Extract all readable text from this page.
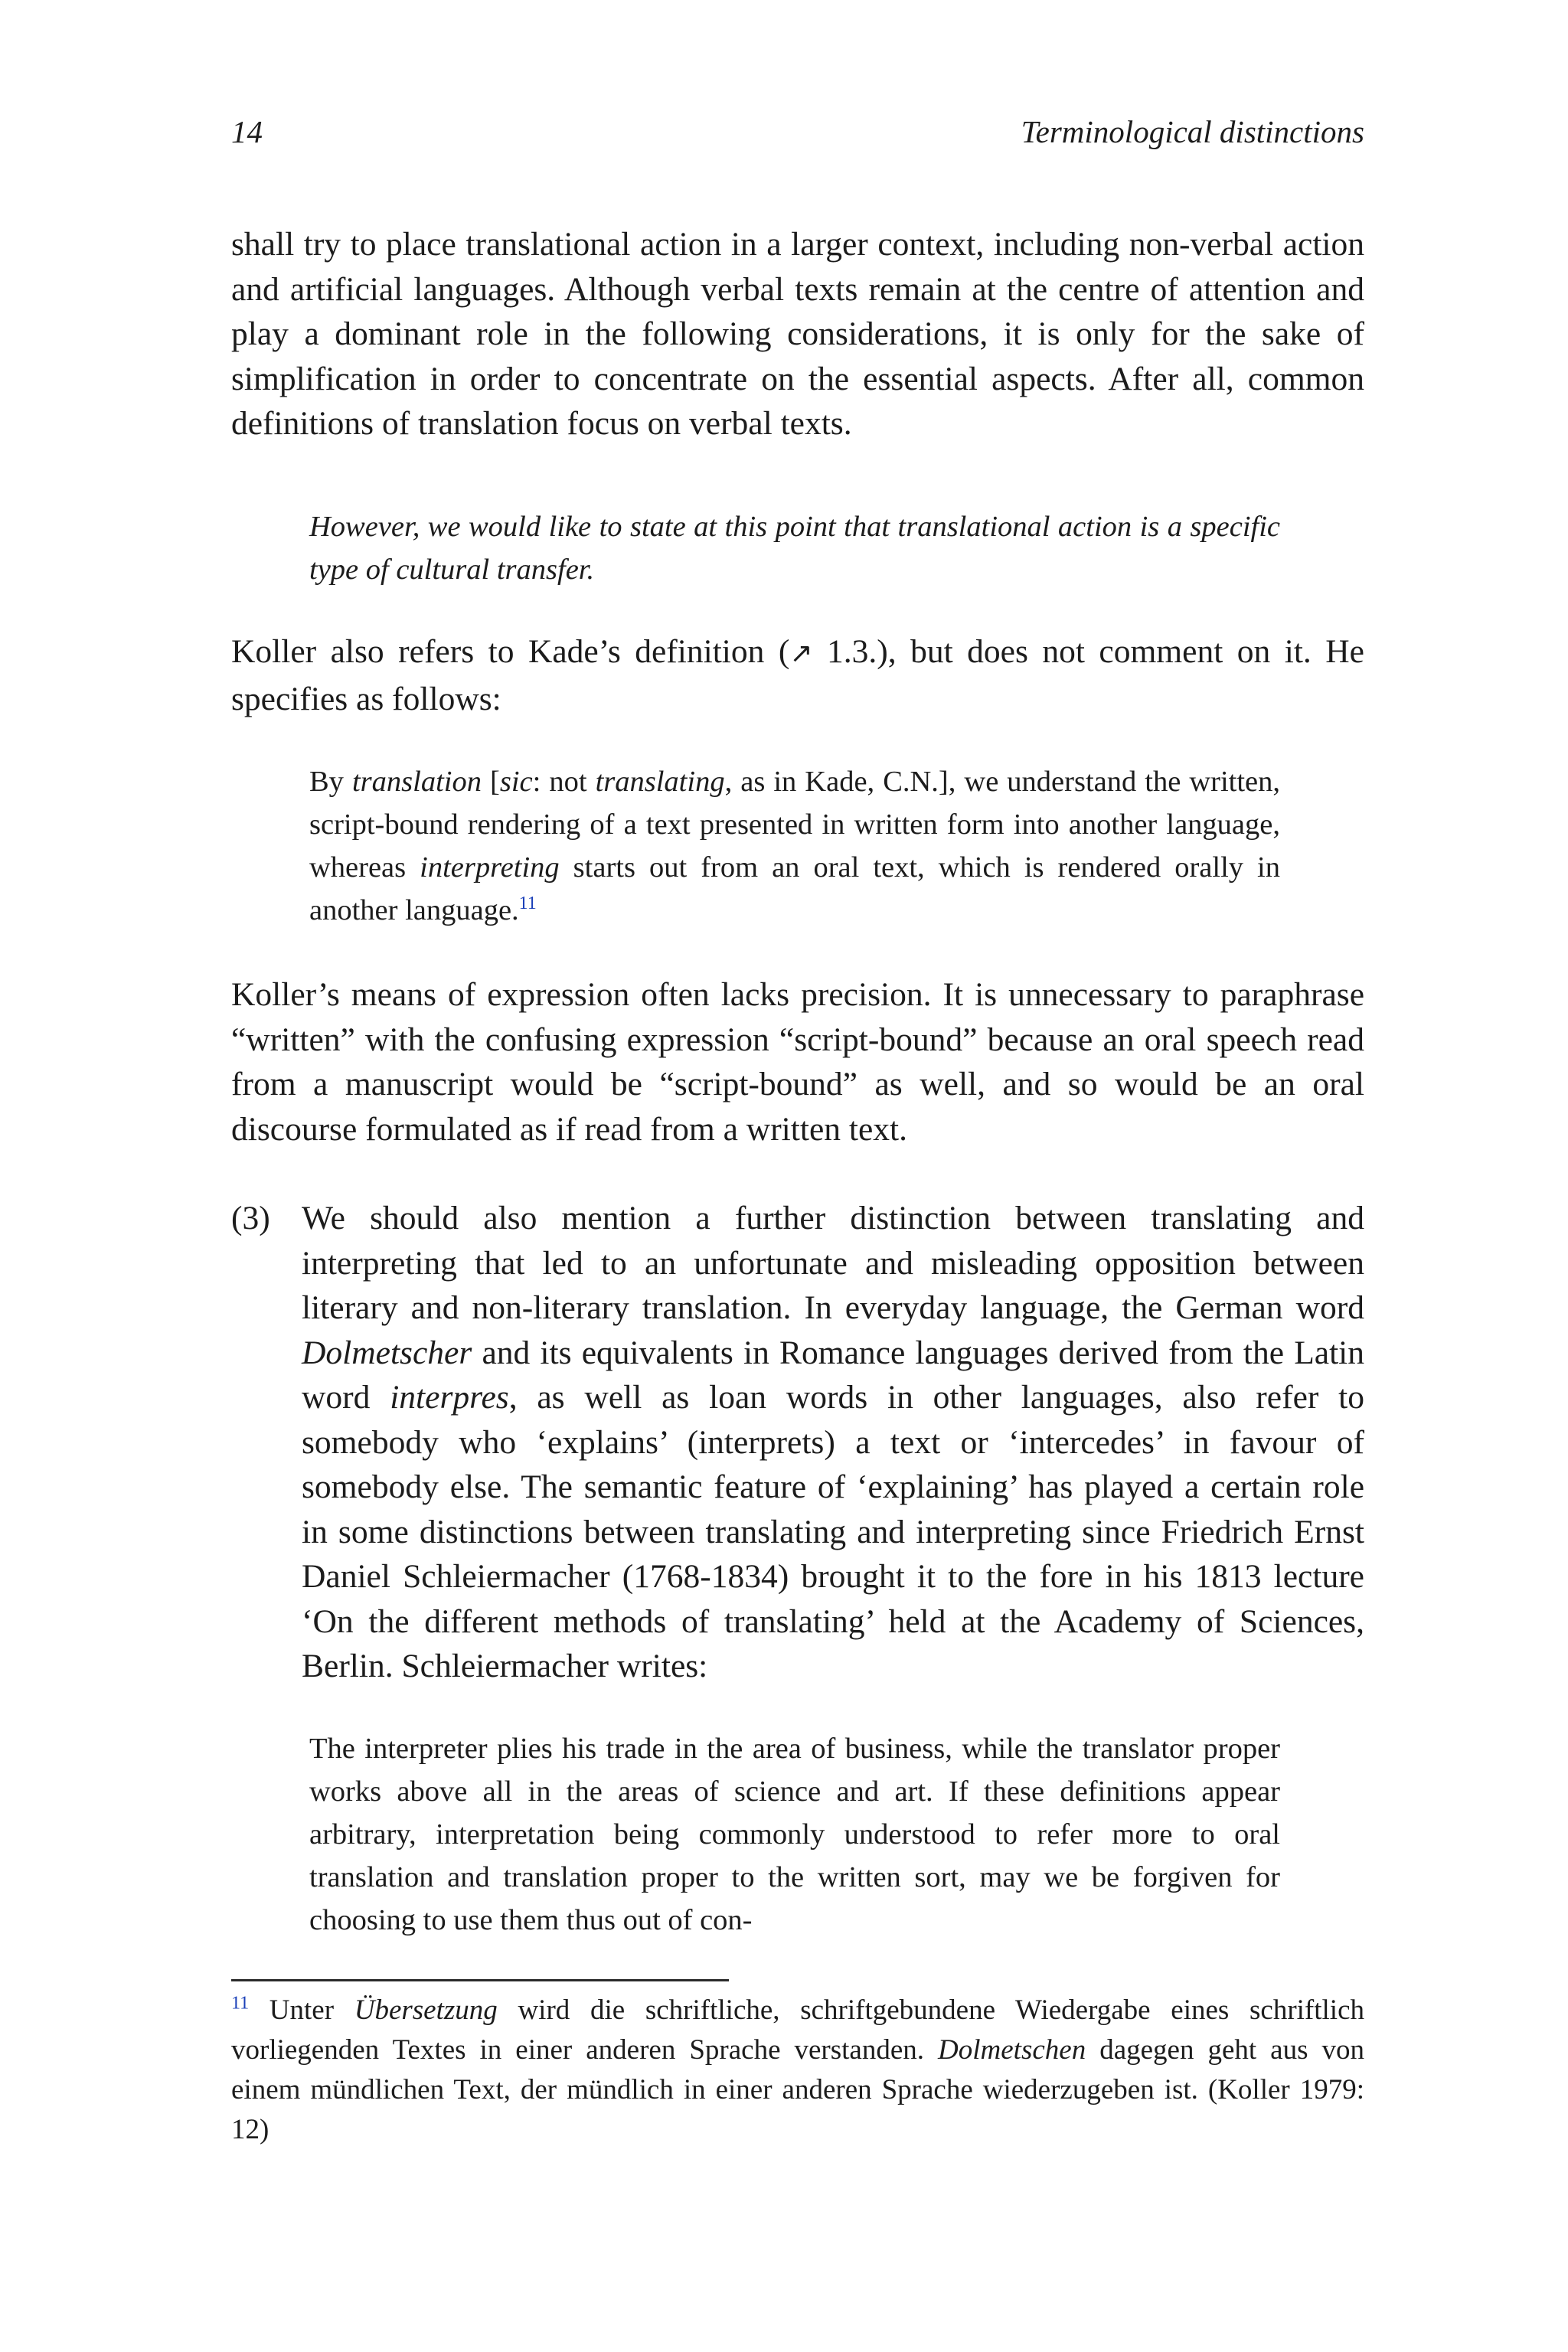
14	Terminological distinctions

shall try to place translational action in a larger context, including non-verbal action and artificial languages. Although verbal texts remain at the centre of attention and play a dominant role in the following considerations, it is only for the sake of simplification in order to concentrate on the essential aspects. After all, common definitions of translation focus on verbal texts.

However, we would like to state at this point that translational action is a specific type of cultural transfer.

Koller also refers to Kade’s definition (↗ 1.3.), but does not comment on it. He specifies as follows:

By translation [sic: not translating, as in Kade, C.N.], we understand the written, script-bound rendering of a text presented in written form into another language, whereas interpreting starts out from an oral text, which is rendered orally in another language.$^{11}$

Koller’s means of expression often lacks precision. It is unnecessary to paraphrase “written” with the confusing expression “script-bound” because an oral speech read from a manuscript would be “script-bound” as well, and so would be an oral discourse formulated as if read from a written text.

(3) We should also mention a further distinction between translating and interpreting that led to an unfortunate and misleading opposition between literary and non-literary translation. In everyday language, the German word Dolmetscher and its equivalents in Romance languages derived from the Latin word interpres, as well as loan words in other languages, also refer to somebody who ‘explains’ (interprets) a text or ‘intercedes’ in favour of somebody else. The semantic feature of ‘explaining’ has played a certain role in some distinctions between translating and interpreting since Friedrich Ernst Daniel Schleiermacher (1768-1834) brought it to the fore in his 1813 lecture ‘On the different methods of translating’ held at the Academy of Sciences, Berlin. Schleiermacher writes:

The interpreter plies his trade in the area of business, while the translator proper works above all in the areas of science and art. If these definitions appear arbitrary, interpretation being commonly understood to refer more to oral translation and translation proper to the written sort, may we be forgiven for choosing to use them thus out of con-

$^{11}$ Unter Übersetzung wird die schriftliche, schriftgebundene Wiedergabe eines schriftlich vorliegenden Textes in einer anderen Sprache verstanden. Dolmetschen dagegen geht aus von einem mündlichen Text, der mündlich in einer anderen Sprache wiederzugeben ist. (Koller 1979: 12)
